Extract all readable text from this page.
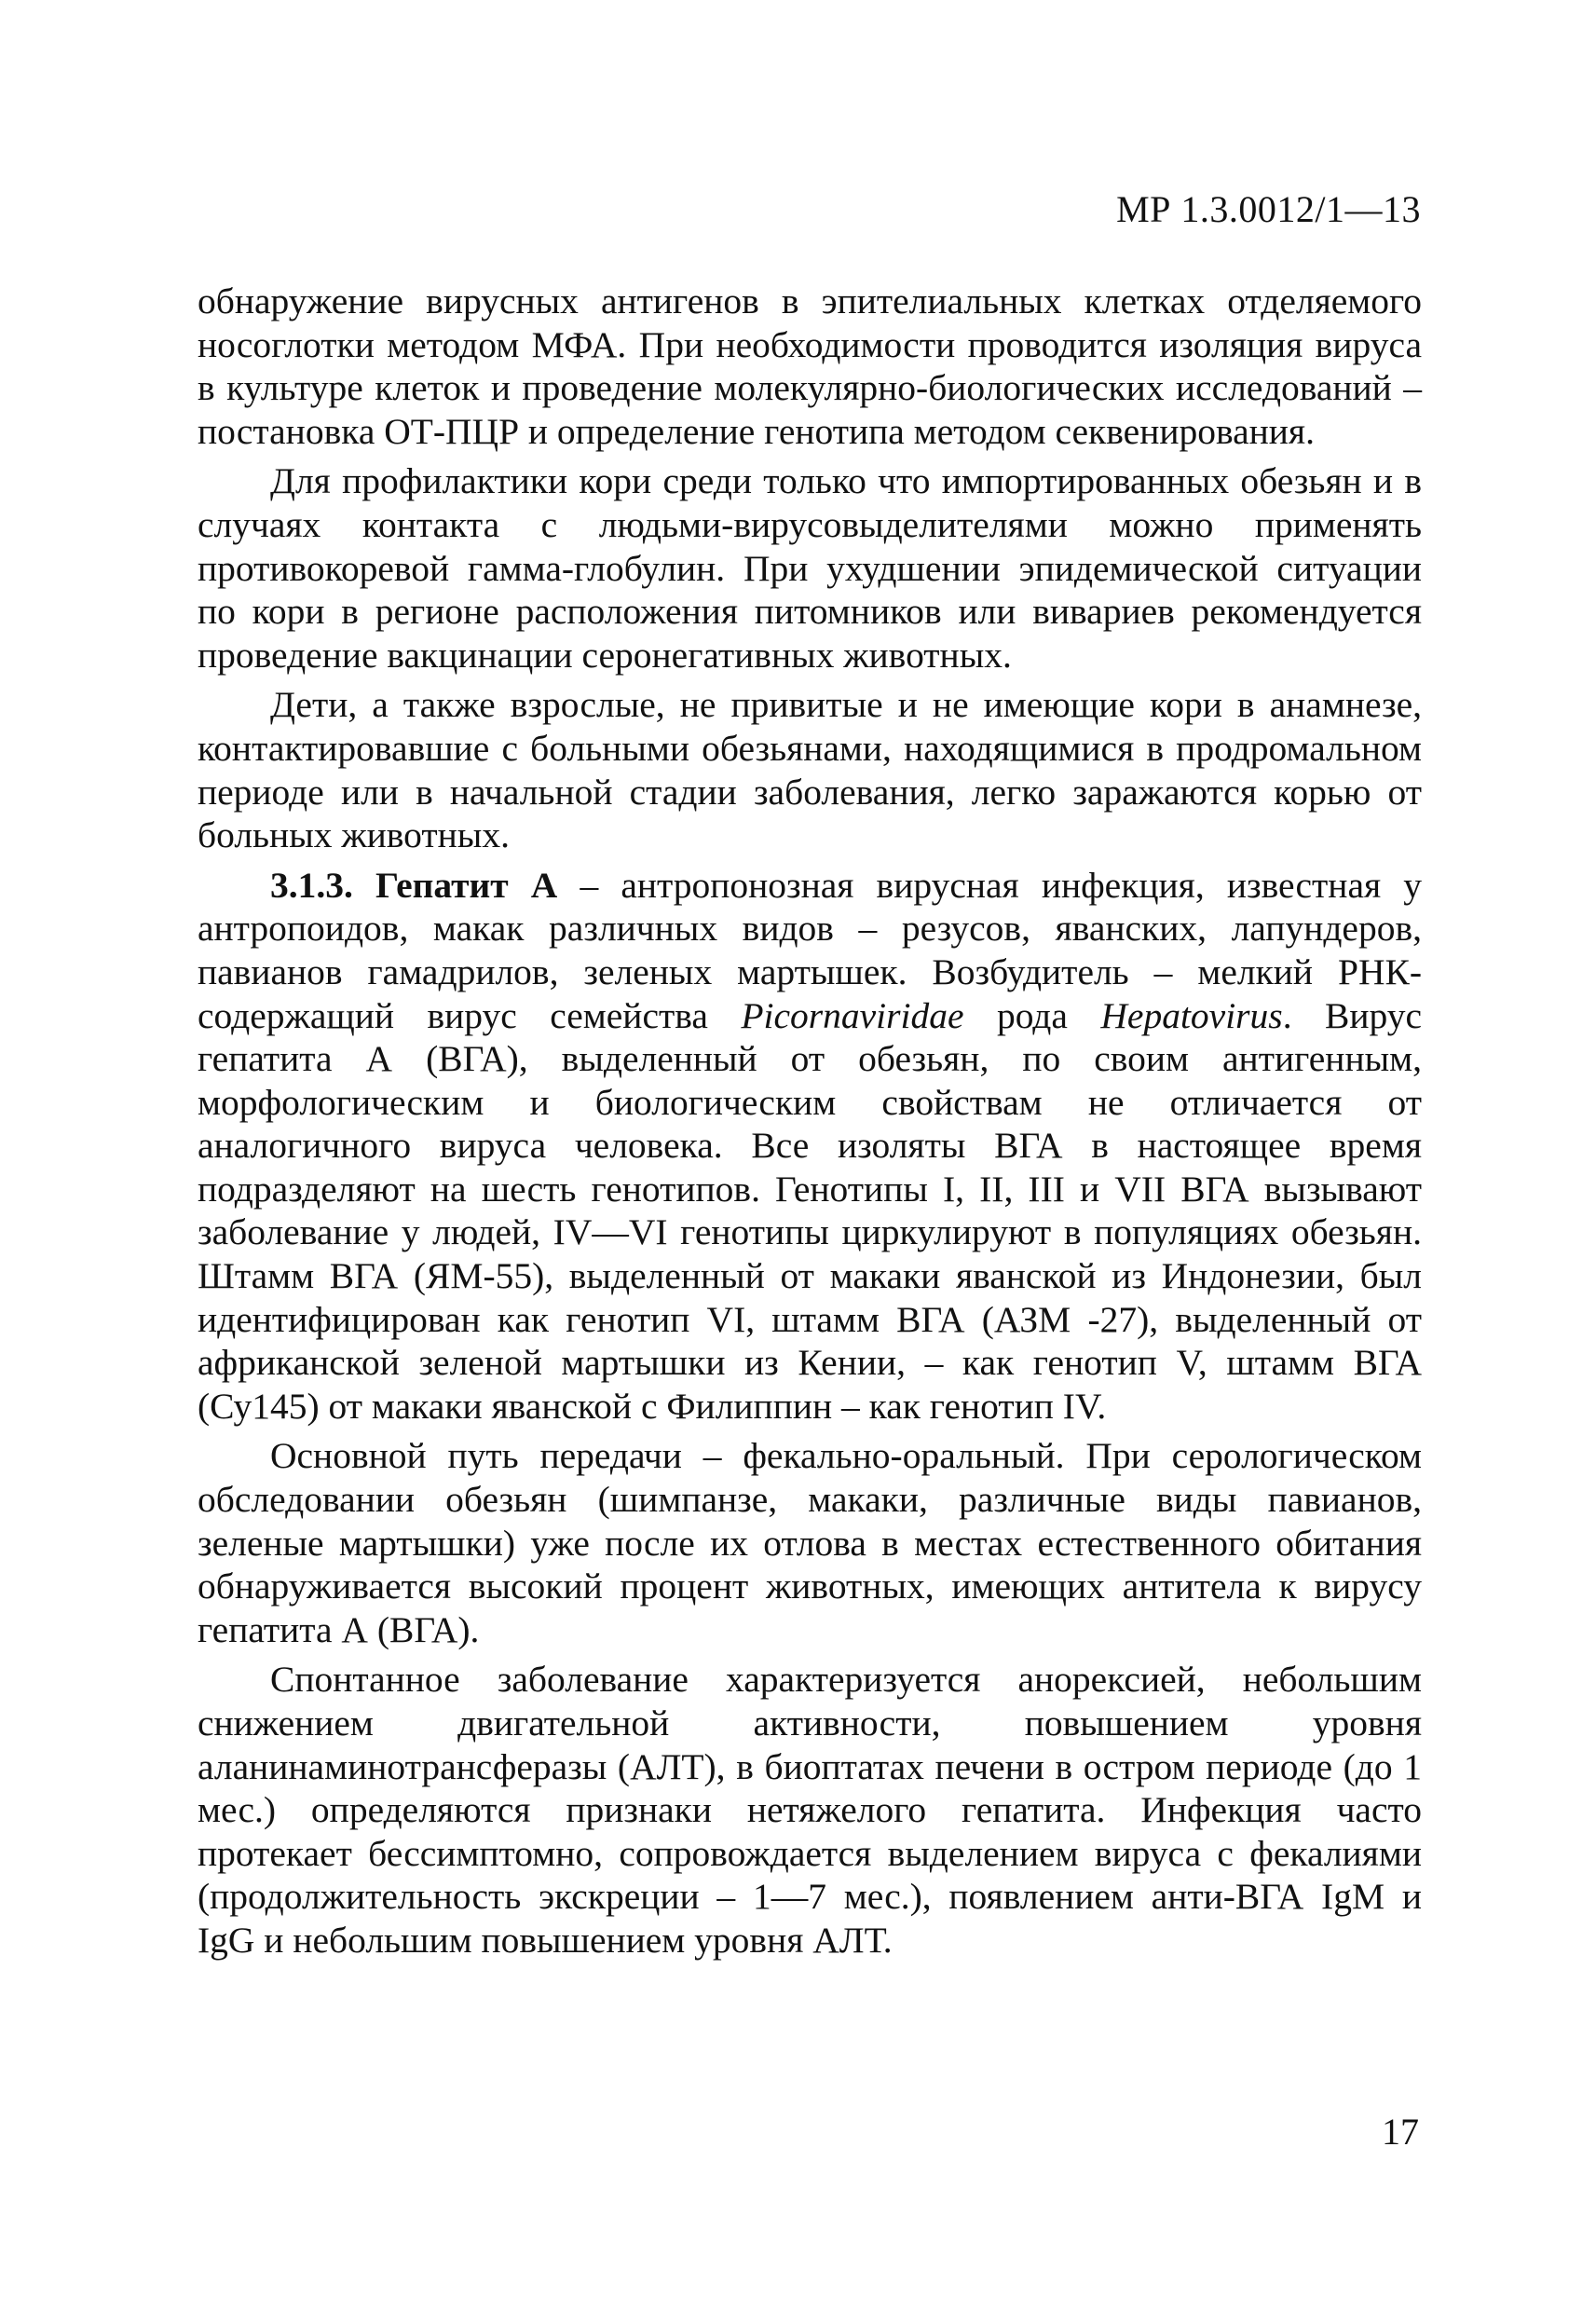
МР 1.3.0012/1—13

обнаружение вирусных антигенов в эпителиальных клетках отделяемого носоглотки методом МФА. При необходимости проводится изоляция вируса в культуре клеток и проведение молекулярно-биологических исследований – постановка ОТ-ПЦР и определение генотипа методом секвенирования.

Для профилактики кори среди только что импортированных обезьян и в случаях контакта с людьми-вирусовыделителями можно применять противокоревой гамма-глобулин. При ухудшении эпидемической ситуации по кори в регионе расположения питомников или вивариев рекомендуется проведение вакцинации серонегативных животных.

Дети, а также взрослые, не привитые и не имеющие кори в анамнезе, контактировавшие с больными обезьянами, находящимися в продромальном периоде или в начальной стадии заболевания, легко заражаются корью от больных животных.

3.1.3. Гепатит А – антропонозная вирусная инфекция, известная у антропоидов, макак различных видов – резусов, яванских, лапундеров, павианов гамадрилов, зеленых мартышек. Возбудитель – мелкий РНК-содержащий вирус семейства Picornaviridae рода Hepatovirus. Вирус гепатита А (ВГА), выделенный от обезьян, по своим антигенным, морфологическим и биологическим свойствам не отличается от аналогичного вируса человека. Все изоляты ВГА в настоящее время подразделяют на шесть генотипов. Генотипы I, II, III и VII ВГА вызывают заболевание у людей, IV—VI генотипы циркулируют в популяциях обезьян. Штамм ВГА (ЯМ-55), выделенный от макаки яванской из Индонезии, был идентифицирован как генотип VI, штамм ВГА (АЗМ -27), выделенный от африканской зеленой мартышки из Кении, – как генотип V, штамм ВГА (Су145) от макаки яванской с Филиппин – как генотип IV.

Основной путь передачи – фекально-оральный. При серологическом обследовании обезьян (шимпанзе, макаки, различные виды павианов, зеленые мартышки) уже после их отлова в местах естественного обитания обнаруживается высокий процент животных, имеющих антитела к вирусу гепатита А (ВГА).

Спонтанное заболевание характеризуется анорексией, небольшим снижением двигательной активности, повышением уровня аланинаминотрансферазы (АЛТ), в биоптатах печени в остром периоде (до 1 мес.) определяются признаки нетяжелого гепатита. Инфекция часто протекает бессимптомно, сопровождается выделением вируса с фекалиями (продолжительность экскреции – 1—7 мес.), появлением анти-ВГА IgM и IgG и небольшим повышением уровня АЛТ.

17
